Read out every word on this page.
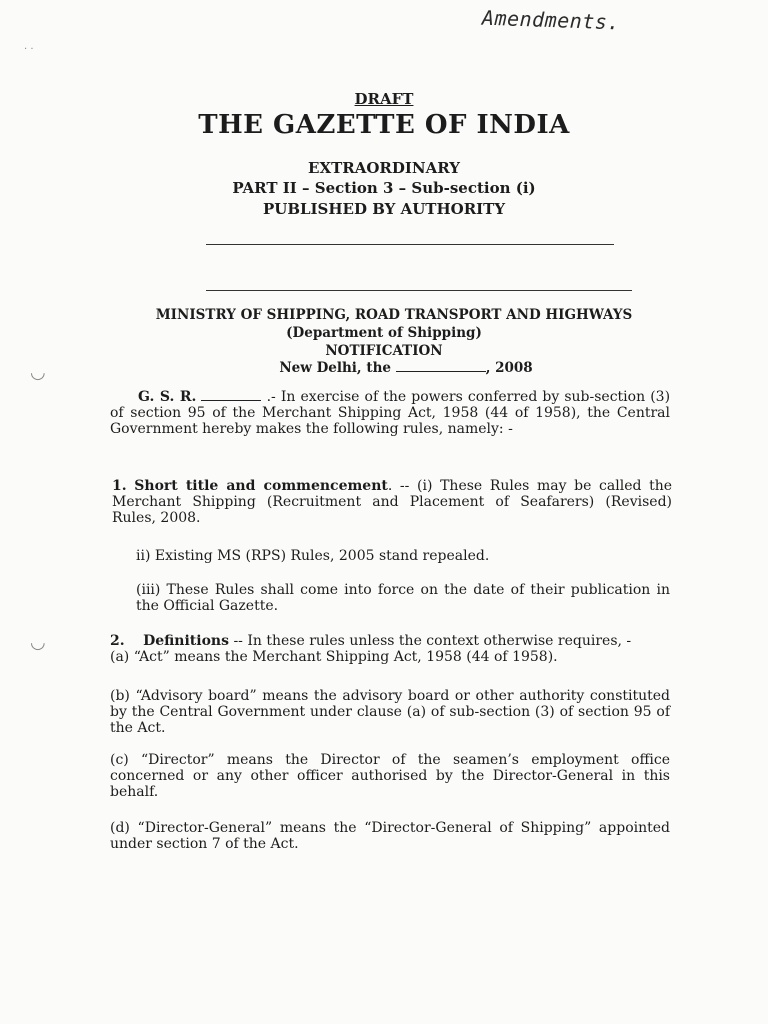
Amendments.
· ·
◡
◡
DRAFT
THE GAZETTE OF INDIA
EXTRAORDINARY
PART II – Section 3 – Sub-section (i)
PUBLISHED BY AUTHORITY
MINISTRY OF SHIPPING, ROAD TRANSPORT AND HIGHWAYS
(Department of Shipping)
NOTIFICATION
New Delhi, the	, 2008
G. S. R.	.- In exercise of the powers conferred by sub-section (3) of section 95 of the Merchant Shipping Act, 1958 (44 of 1958), the Central Government hereby makes the following rules, namely: -
1. Short title and commencement. -- (i) These Rules may be called the Merchant Shipping (Recruitment and Placement of Seafarers) (Revised) Rules, 2008.
ii) Existing MS (RPS) Rules, 2005 stand repealed.
(iii) These Rules shall come into force on the date of their publication in the Official Gazette.
2. Definitions -- In these rules unless the context otherwise requires, -
(a) “Act” means the Merchant Shipping Act, 1958 (44 of 1958).
(b) “Advisory board” means the advisory board or other authority constituted by the Central Government under clause (a) of sub-section (3) of section 95 of the Act.
(c) “Director” means the Director of the seamen’s employment office concerned or any other officer authorised by the Director-General in this behalf.
(d) “Director-General” means the “Director-General of Shipping” appointed under section 7 of the Act.
